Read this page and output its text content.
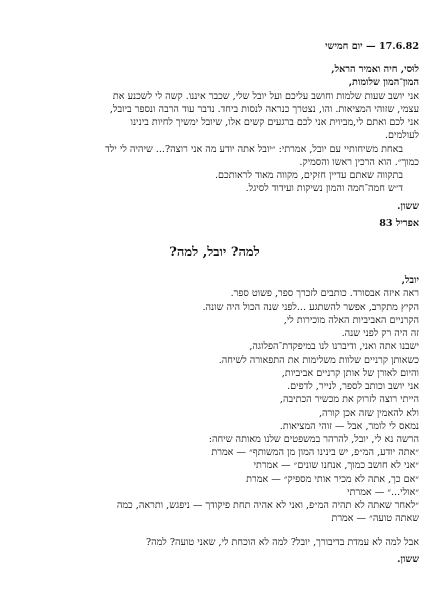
17.6.82 — יום חמישי
לוּסי, חיה ואמיר הראל,
המון־המון שלומות,
אני יושב שעות שלמות וחושב עליכם ועל יובל שלי, שכבר איננו. קשה לי לשכנע את
עצמי, שזוהי המציאות. והו, נצטרך כנראה לנסות ביחד. נדבר עוד הרבה ונספר ביובל,
אני לכם ואתם לי,מביוית אני לכם ברגעים קשים אלו, שיובל ימשיך לחיות בינינו
לעולמים.
באחת משיחותיי עם יובל, אמרתי: ״יובל אתה יודע מה אני רוצה?... שיהיה לי ילד
כמוך״. הוא הרכין ראשו והסמיק.
בתקווה שאתם עדיין חזקים, מקווה מאוד לראותכם.
ד״ש חמה־חמה והמון נשיקות ועידוד לסיגל.
ששון.
אפריל 83
למה? יובל, למה?
יובל,
ראה איזה אבסורד. כותבים לזכרך ספר, פשוט ספר.
הקיץ מתקרב, אפשר להשתגע ...לפני שנה הכול היה שונה.
הקרניים האביביות האלה מוכירות לי,
זה היה רק לפני שנה.
ישבנו אתה ואני, ודיברנו לנו במיפקדת־הפלוגה,
כשאותן קרניים שלוות משלימות את התפאורה לשיחה.
והיום לאורן של אותן קרניים אביביות,
אני יושב וכותב לספר, לנייר, לדפים.
הייתי רוצה לזרוק את מכשיר הכתיבה,
ולא להאמין שזה אכן קורה,
נמאס לי לומר, אבל — זוהי המציאות.
הרשה נא לי, יובל, להרהר במשפטים שלנו מאותה שיחה:
״אתה יודע, המ״פ, יש בינינו המון מן המשותף״ — אמרת
״אני לא חושב כמוך, אנחנו שונים״ — אמרתי
״אם כך, אתה לא מכיר אותי מספיק״ — אמרת
״אולי...״ — אמרתי
״לאחר שאתה לא תהיה המ״פ, ואני לא אהיה תחת פיקודך — ניפגש, ותראה, כמה
שאתה טועה״ — אמרת
אבל למה לא עמדת בדיבורך, יובל? למה לא הוכחת לי, שאני טועה? למה?
ששון.
